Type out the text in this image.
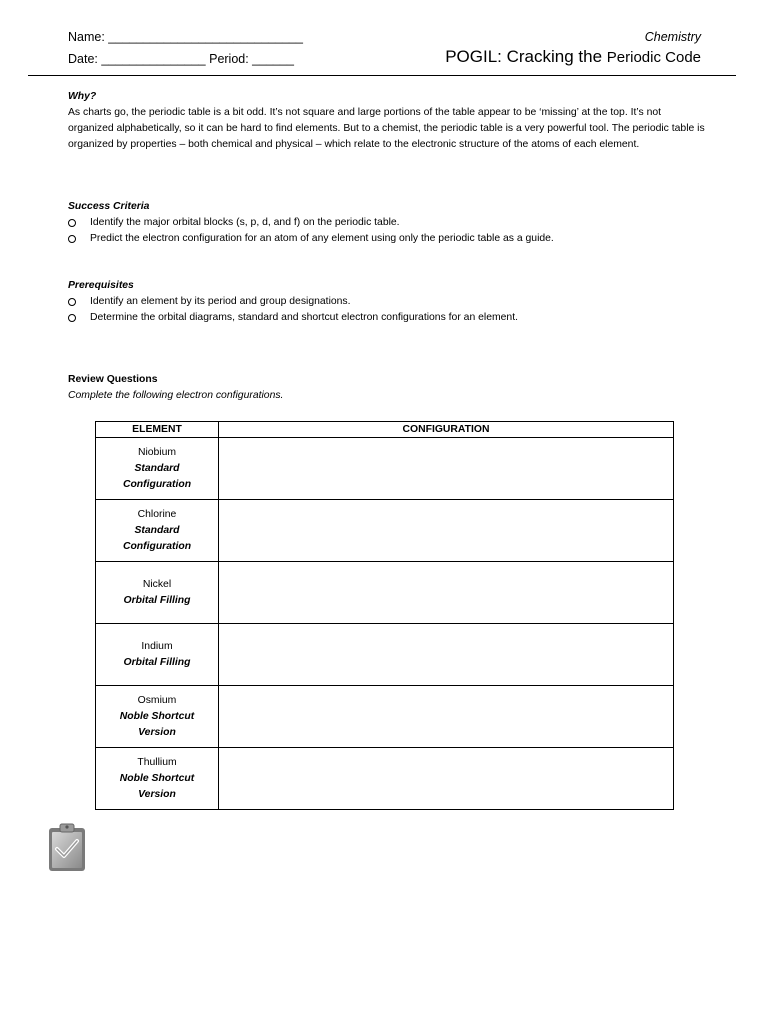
Name: ____________________________
Date: _______________ Period: ______
Chemistry
POGIL: Cracking the Periodic Code
Why?

As charts go, the periodic table is a bit odd. It’s not square and large portions of the table appear to be ‘missing’ at the top. It’s not organized alphabetically, so it can be hard to find elements. But to a chemist, the periodic table is a very powerful tool. The periodic table is organized by properties – both chemical and physical – which relate to the electronic structure of the atoms of each element.

Success Criteria
Identify the major orbital blocks (s, p, d, and f) on the periodic table.
Predict the electron configuration for an atom of any element using only the periodic table as a guide.
Prerequisites
Identify an element by its period and group designations.
Determine the orbital diagrams, standard and shortcut electron configurations for an element.
Review Questions
Complete the following electron configurations.
ELEMENT	CONFIGURATION

Niobium
Standard
Configuration	

Chlorine
Standard
Configuration	

Nickel
Orbital Filling	

Indium
Orbital Filling	

Osmium
Noble Shortcut
Version	

Thullium
Noble Shortcut
Version	
